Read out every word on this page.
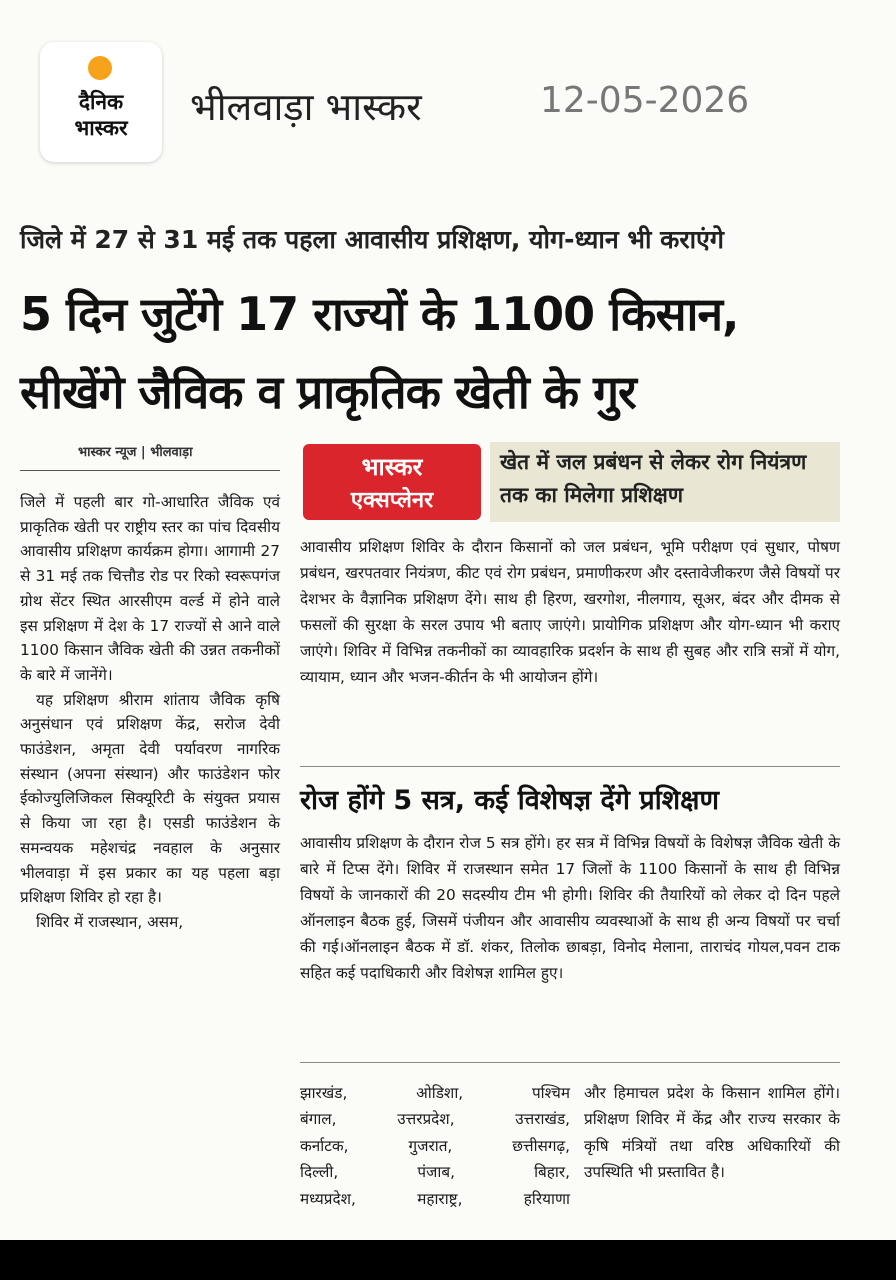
दैनिक
भास्कर	भीलवाड़ा भास्कर	12-05-2026
जिले में 27 से 31 मई तक पहला आवासीय प्रशिक्षण, योग-ध्यान भी कराएंगे
5 दिन जुटेंगे 17 राज्यों के 1100 किसान,
सीखेंगे जैविक व प्राकृतिक खेती के गुर
भास्कर न्यूज | भीलवाड़ा

जिले में पहली बार गो-आधारित जैविक एवं प्राकृतिक खेती पर राष्ट्रीय स्तर का पांच दिवसीय आवासीय प्रशिक्षण कार्यक्रम होगा। आगामी 27 से 31 मई तक चित्तौड रोड पर रिको स्वरूपगंज ग्रोथ सेंटर स्थित आरसीएम वर्ल्ड में होने वाले इस प्रशिक्षण में देश के 17 राज्यों से आने वाले 1100 किसान जैविक खेती की उन्नत तकनीकों के बारे में जानेंगे।

यह प्रशिक्षण श्रीराम शांताय जैविक कृषि अनुसंधान एवं प्रशिक्षण केंद्र, सरोज देवी फाउंडेशन, अमृता देवी पर्यावरण नागरिक संस्थान (अपना संस्थान) और फाउंडेशन फोर ईकोज्युलिजिकल सिक्यूरिटी के संयुक्त प्रयास से किया जा रहा है। एसडी फाउंडेशन के समन्वयक महेशचंद्र नवहाल के अनुसार भीलवाड़ा में इस प्रकार का यह पहला बड़ा प्रशिक्षण शिविर हो रहा है।

शिविर में राजस्थान, असम,

भास्कर
एक्सप्लेनर
खेत में जल प्रबंधन से लेकर रोग नियंत्रण तक का मिलेगा प्रशिक्षण
आवासीय प्रशिक्षण शिविर के दौरान किसानों को जल प्रबंधन, भूमि परीक्षण एवं सुधार, पोषण प्रबंधन, खरपतवार नियंत्रण, कीट एवं रोग प्रबंधन, प्रमाणीकरण और दस्तावेजीकरण जैसे विषयों पर देशभर के वैज्ञानिक प्रशिक्षण देंगे। साथ ही हिरण, खरगोश, नीलगाय, सूअर, बंदर और दीमक से फसलों की सुरक्षा के सरल उपाय भी बताए जाएंगे। प्रायोगिक प्रशिक्षण और योग-ध्यान भी कराए जाएंगे। शिविर में विभिन्न तकनीकों का व्यावहारिक प्रदर्शन के साथ ही सुबह और रात्रि सत्रों में योग, व्यायाम, ध्यान और भजन-कीर्तन के भी आयोजन होंगे।
रोज होंगे 5 सत्र, कई विशेषज्ञ देंगे प्रशिक्षण
आवासीय प्रशिक्षण के दौरान रोज 5 सत्र होंगे। हर सत्र में विभिन्न विषयों के विशेषज्ञ जैविक खेती के बारे में टिप्स देंगे। शिविर में राजस्थान समेत 17 जिलों के 1100 किसानों के साथ ही विभिन्न विषयों के जानकारों की 20 सदस्यीय टीम भी होगी। शिविर की तैयारियों को लेकर दो दिन पहले ऑनलाइन बैठक हुई, जिसमें पंजीयन और आवासीय व्यवस्थाओं के साथ ही अन्य विषयों पर चर्चा की गई।ऑनलाइन बैठक में डॉ. शंकर, तिलोक छाबड़ा, विनोद मेलाना, ताराचंद गोयल,पवन टाक सहित कई पदाधिकारी और विशेषज्ञ शामिल हुए।
झारखंड,	ओडिशा,	पश्चिम
बंगाल,	उत्तरप्रदेश,	उत्तराखंड,
कर्नाटक,	गुजरात,	छत्तीसगढ़,
दिल्ली,	पंजाब,	बिहार,
मध्यप्रदेश,	महाराष्ट्र,	हरियाणा
और हिमाचल प्रदेश के किसान शामिल होंगे। प्रशिक्षण शिविर में केंद्र और राज्य सरकार के कृषि मंत्रियों तथा वरिष्ठ अधिकारियों की उपस्थिति भी प्रस्तावित है।
